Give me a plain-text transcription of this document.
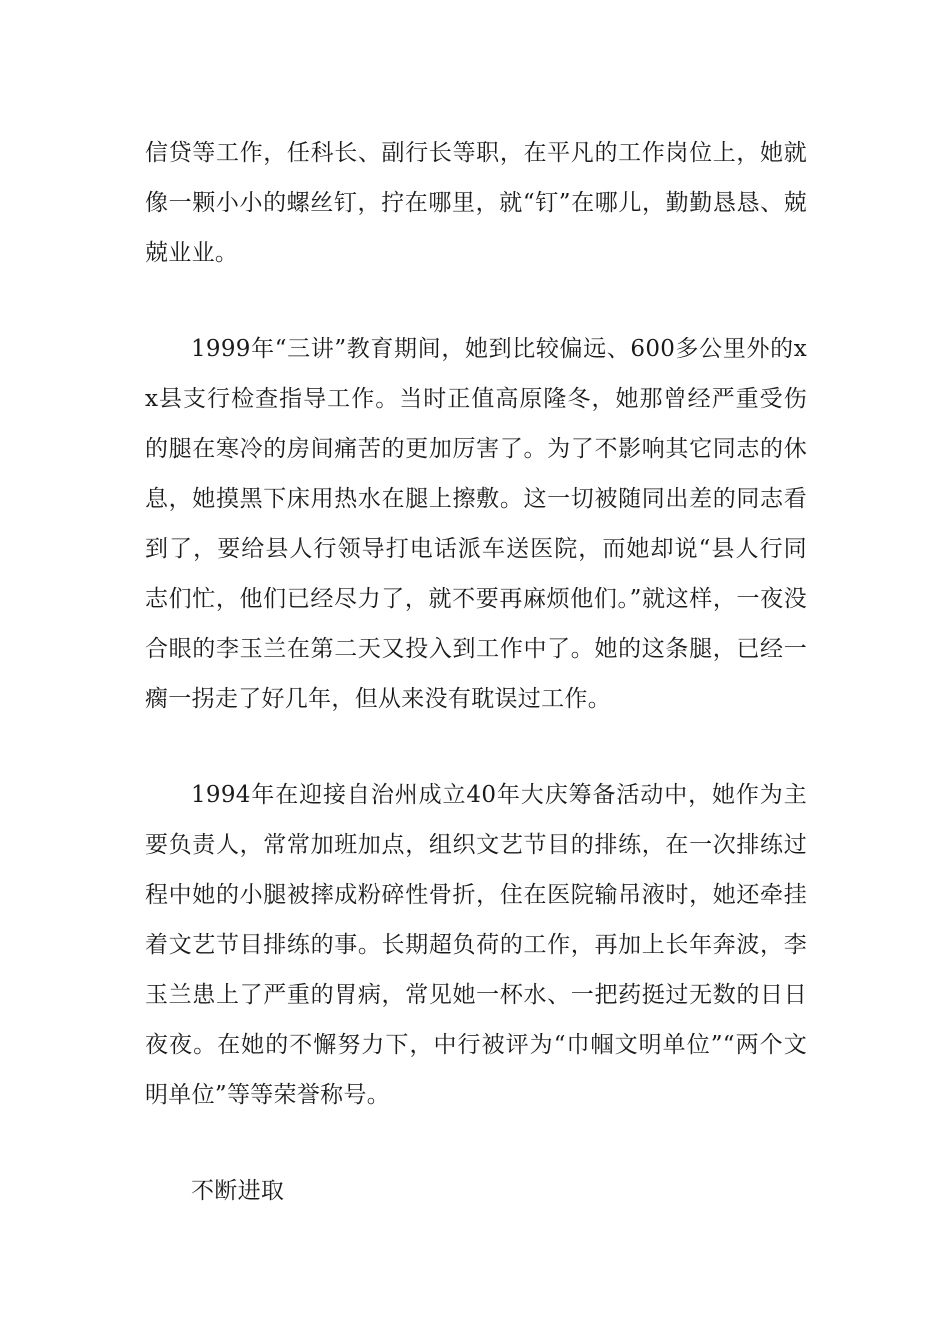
信贷等工作，任科长、副行长等职，在平凡的工作岗位上，她就像一颗小小的螺丝钉，拧在哪里，就“钉”在哪儿，勤勤恳恳、兢兢业业。

1999年“三讲”教育期间，她到比较偏远、600多公里外的xx县支行检查指导工作。当时正值高原隆冬，她那曾经严重受伤的腿在寒冷的房间痛苦的更加厉害了。为了不影响其它同志的休息，她摸黑下床用热水在腿上擦敷。这一切被随同出差的同志看到了，要给县人行领导打电话派车送医院，而她却说“县人行同志们忙，他们已经尽力了，就不要再麻烦他们。”就这样，一夜没合眼的李玉兰在第二天又投入到工作中了。她的这条腿，已经一瘸一拐走了好几年，但从来没有耽误过工作。

1994年在迎接自治州成立40年大庆筹备活动中，她作为主要负责人，常常加班加点，组织文艺节目的排练，在一次排练过程中她的小腿被摔成粉碎性骨折，住在医院输吊液时，她还牵挂着文艺节目排练的事。长期超负荷的工作，再加上长年奔波，李玉兰患上了严重的胃病，常见她一杯水、一把药挺过无数的日日夜夜。在她的不懈努力下，中行被评为“巾帼文明单位”“两个文明单位”等等荣誉称号。

不断进取
